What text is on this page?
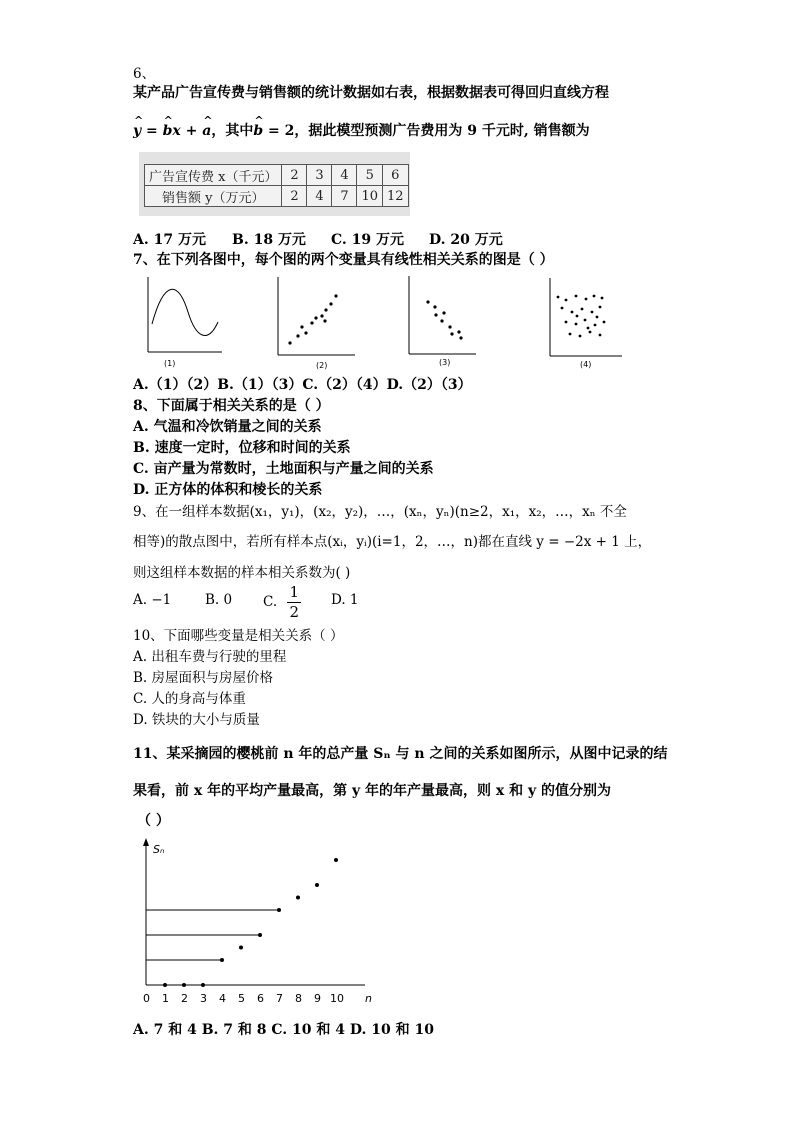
6、
某产品广告宣传费与销售额的统计数据如右表，根据数据表可得回归直线方程
^ y = ^ bx + ^ a，其中^ b = 2，据此模型预测广告费用为 9 千元时, 销售额为
广告宣传费 x（千元）	2	3	4	5	6
销售额 y（万元）	2	4	7	10	12
A. 17 万元 B. 18 万元 C. 19 万元 D. 20 万元
7、在下列各图中，每个图的两个变量具有线性相关关系的图是（ ）
(1)	(2)	(3)	(4)
A.（1）（2）B.（1）（3）C.（2）（4）D.（2）（3）
8、下面属于相关关系的是（ ）
A. 气温和冷饮销量之间的关系
B. 速度一定时，位移和时间的关系
C. 亩产量为常数时，土地面积与产量之间的关系
D. 正方体的体积和棱长的关系
9、在一组样本数据(x₁，y₁)，(x₂，y₂)，…，(xₙ，yₙ)(n≥2，x₁，x₂，…，xₙ 不全
相等)的散点图中，若所有样本点(xᵢ，yᵢ)(i=1，2，…，n)都在直线 y = −2x + 1 上，
则这组样本数据的样本相关系数为( )
A. −1	B. 0 C. $\frac{1}{2} D$. 1
10、下面哪些变量是相关关系（ ）
A. 出租车费与行驶的里程
B. 房屋面积与房屋价格
C. 人的身高与体重
D. 铁块的大小与质量
11、某采摘园的樱桃前 n 年的总产量 Sₙ 与 n 之间的关系如图所示，从图中记录的结
果看，前 x 年的平均产量最高，第 y 年的年产量最高，则 x 和 y 的值分别为
（ ）
Sₙ
n
0 1 2 3 4 5 6 7 8 9 10
A. 7 和 4 B. 7 和 8 C. 10 和 4 D. 10 和 10
